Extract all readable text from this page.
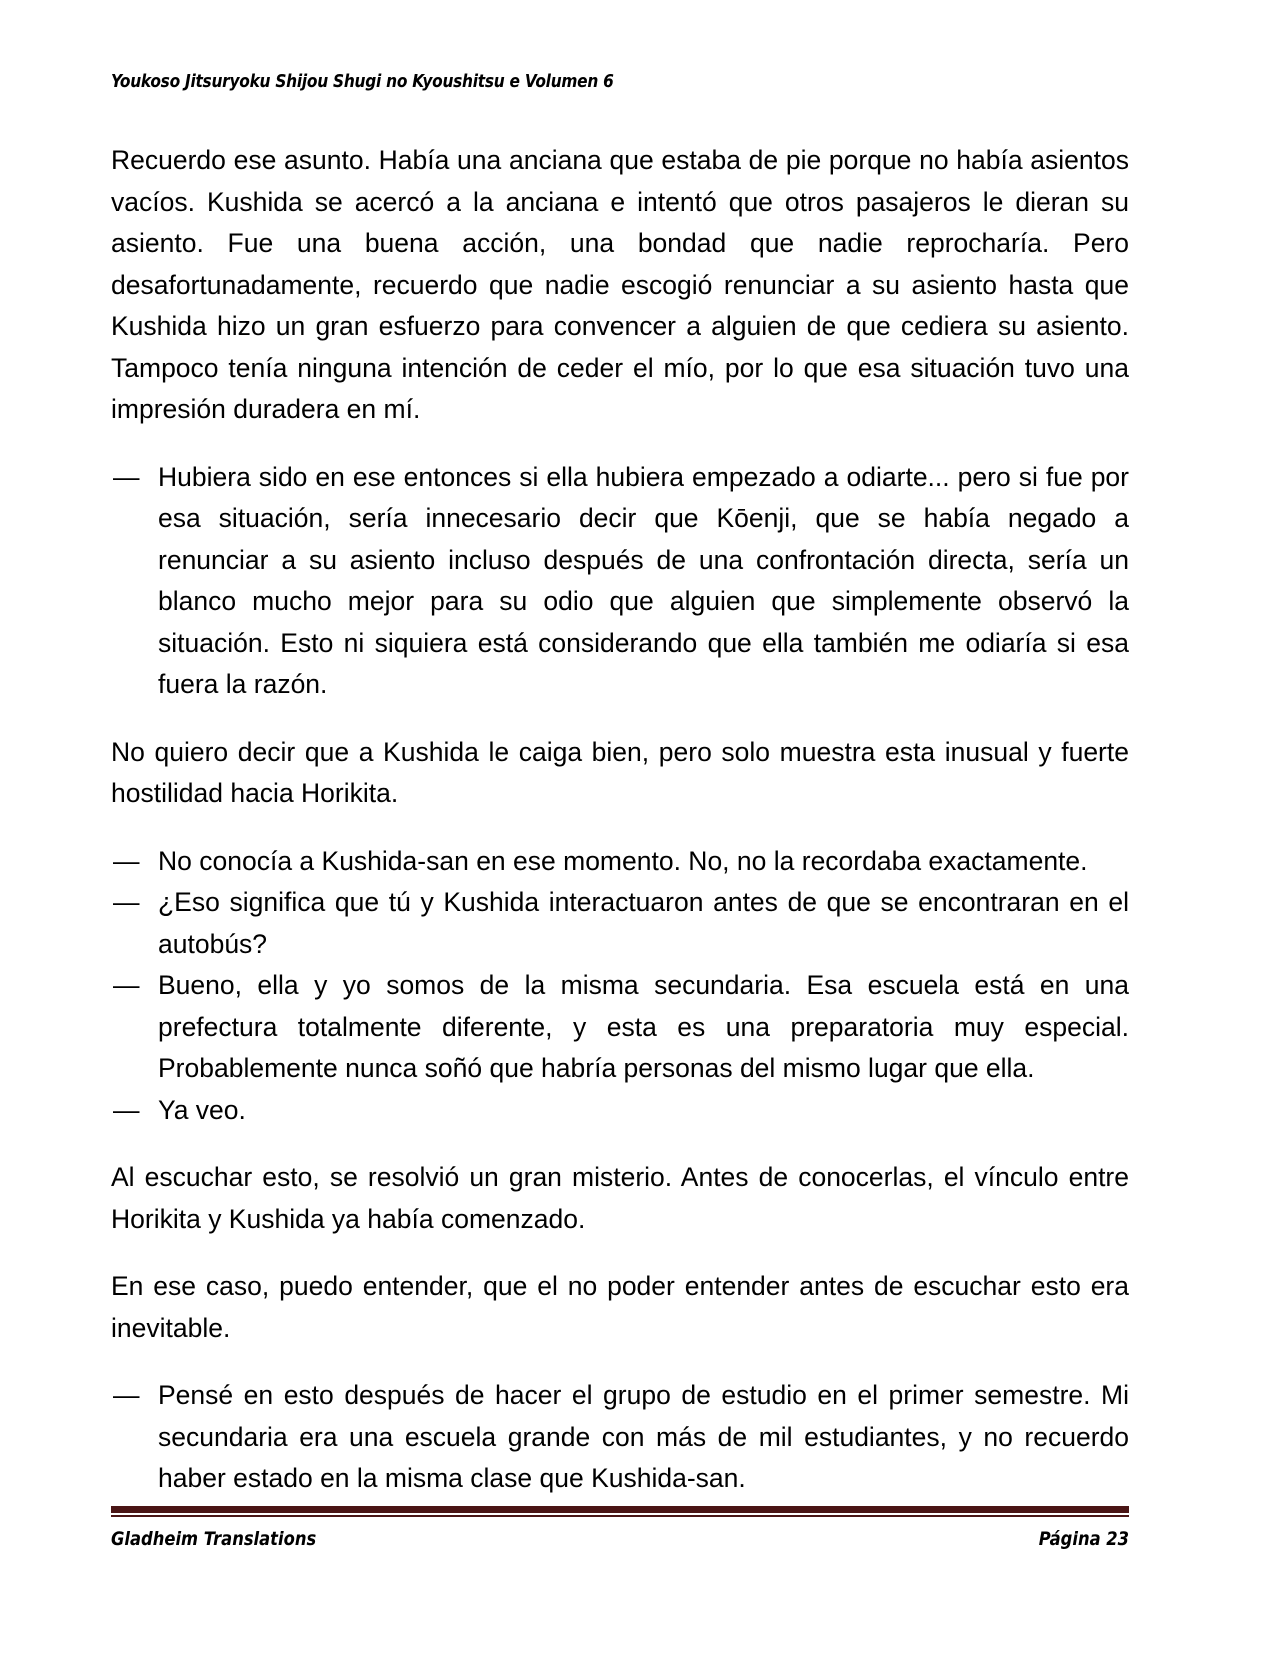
Youkoso Jitsuryoku Shijou Shugi no Kyoushitsu e Volumen 6

Recuerdo ese asunto. Había una anciana que estaba de pie porque no había asientos vacíos. Kushida se acercó a la anciana e intentó que otros pasajeros le dieran su asiento. Fue una buena acción, una bondad que nadie reprocharía. Pero desafortunadamente, recuerdo que nadie escogió renunciar a su asiento hasta que Kushida hizo un gran esfuerzo para convencer a alguien de que cediera su asiento. Tampoco tenía ninguna intención de ceder el mío, por lo que esa situación tuvo una impresión duradera en mí.

— Hubiera sido en ese entonces si ella hubiera empezado a odiarte... pero si fue por esa situación, sería innecesario decir que Kōenji, que se había negado a renunciar a su asiento incluso después de una confrontación directa, sería un blanco mucho mejor para su odio que alguien que simplemente observó la situación. Esto ni siquiera está considerando que ella también me odiaría si esa fuera la razón.

No quiero decir que a Kushida le caiga bien, pero solo muestra esta inusual y fuerte hostilidad hacia Horikita.

— No conocía a Kushida-san en ese momento. No, no la recordaba exactamente.
— ¿Eso significa que tú y Kushida interactuaron antes de que se encontraran en el autobús?
— Bueno, ella y yo somos de la misma secundaria. Esa escuela está en una prefectura totalmente diferente, y esta es una preparatoria muy especial. Probablemente nunca soñó que habría personas del mismo lugar que ella.
— Ya veo.

Al escuchar esto, se resolvió un gran misterio. Antes de conocerlas, el vínculo entre Horikita y Kushida ya había comenzado.

En ese caso, puedo entender, que el no poder entender antes de escuchar esto era inevitable.

— Pensé en esto después de hacer el grupo de estudio en el primer semestre. Mi secundaria era una escuela grande con más de mil estudiantes, y no recuerdo haber estado en la misma clase que Kushida-san.
Gladheim Translations	Página 23
